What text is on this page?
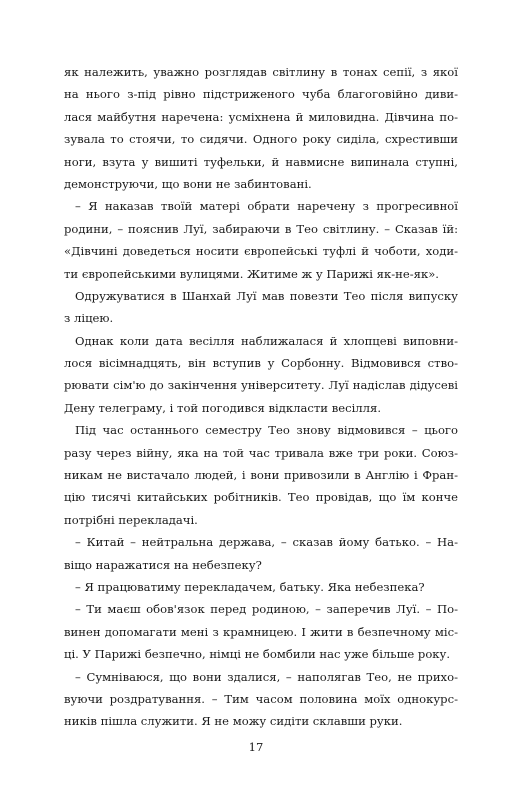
як належить, уважно розглядав світлину в тонах сепії, з якої
на нього з-під рівно підстриженого чуба благоговійно диви-
лася майбутня наречена: усміхнена й миловидна. Дівчина по-
зувала то стоячи, то сидячи. Одного року сиділа, схрестивши
ноги, взута у вишиті туфельки, й навмисне випинала ступні,
демонструючи, що вони не забинтовані.
– Я наказав твоїй матері обрати наречену з прогресивної
родини, – пояснив Луї, забираючи в Тео світлину. – Сказав їй:
«Дівчині доведеться носити європейські туфлі й чоботи, ходи-
ти європейськими вулицями. Житиме ж у Парижі як-не-як».
Одружуватися в Шанхай Луї мав повезти Тео після випуску
з ліцею.
Однак коли дата весілля наближалася й хлопцеві виповни-
лося вісімнадцять, він вступив у Сорбонну. Відмовився ство-
рювати сім'ю до закінчення університету. Луї надіслав дідусеві
Дену телеграму, і той погодився відкласти весілля.
Під час останнього семестру Тео знову відмовився – цього
разу через війну, яка на той час тривала вже три роки. Союз-
никам не вистачало людей, і вони привозили в Англію і Фран-
цію тисячі китайських робітників. Тео провідав, що їм конче
потрібні перекладачі.
– Китай – нейтральна держава, – сказав йому батько. – На-
віщо наражатися на небезпеку?
– Я працюватиму перекладачем, батьку. Яка небезпека?
– Ти маєш обов'язок перед родиною, – заперечив Луї. – По-
винен допомагати мені з крамницею. І жити в безпечному міс-
ці. У Парижі безпечно, німці не бомбили нас уже більше року.
– Сумніваюся, що вони здалися, – наполягав Тео, не прихо-
вуючи роздратування. – Тим часом половина моїх однокурс-
ників пішла служити. Я не можу сидіти склавши руки.
17
